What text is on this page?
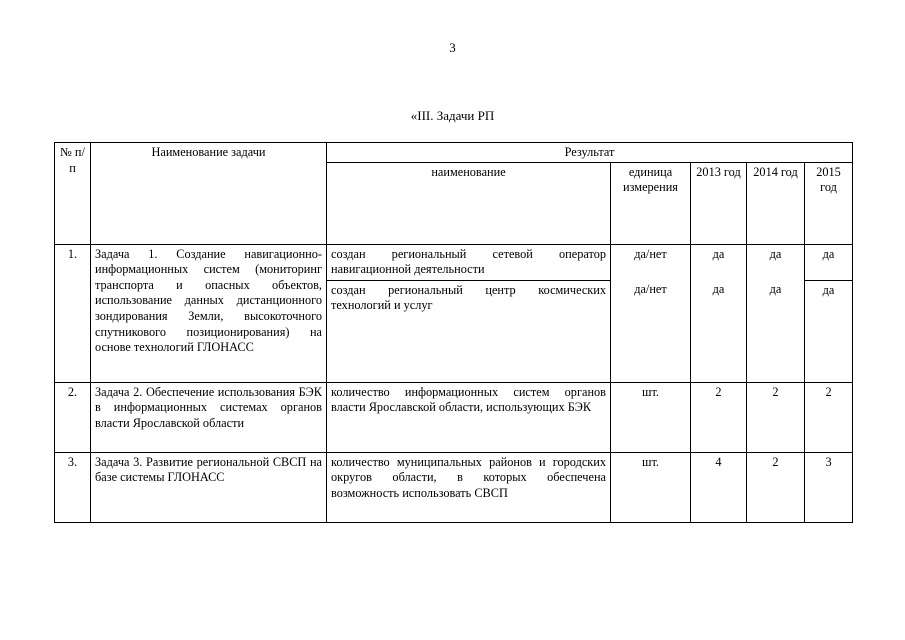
3
«III. Задачи РП
№ п/п	Наименование задачи	Результат				
		наименование	единица измерения	2013 год	2014 год	2015 год
1.	Задача 1. Создание навигационно-информационных систем (мониторинг транспорта и опасных объектов, использование данных дистанционного зондирования Земли, высокоточного спутникового позиционирования) на основе технологий ГЛОНАСС	создан региональный сетевой оператор навигационной деятельности	да/нет	да	да	да
		создан региональный центр космических технологий и услуг	да/нет	да	да	да
2.	Задача 2. Обеспечение использования БЭК в информационных системах органов власти Ярославской области	количество информационных систем органов власти Ярославской области, использующих БЭК	шт.	2	2	2
3.	Задача 3. Развитие региональной СВСП на базе системы ГЛОНАСС	количество муниципальных районов и городских округов области, в которых обеспечена возможность использовать СВСП	шт.	4	2	3
